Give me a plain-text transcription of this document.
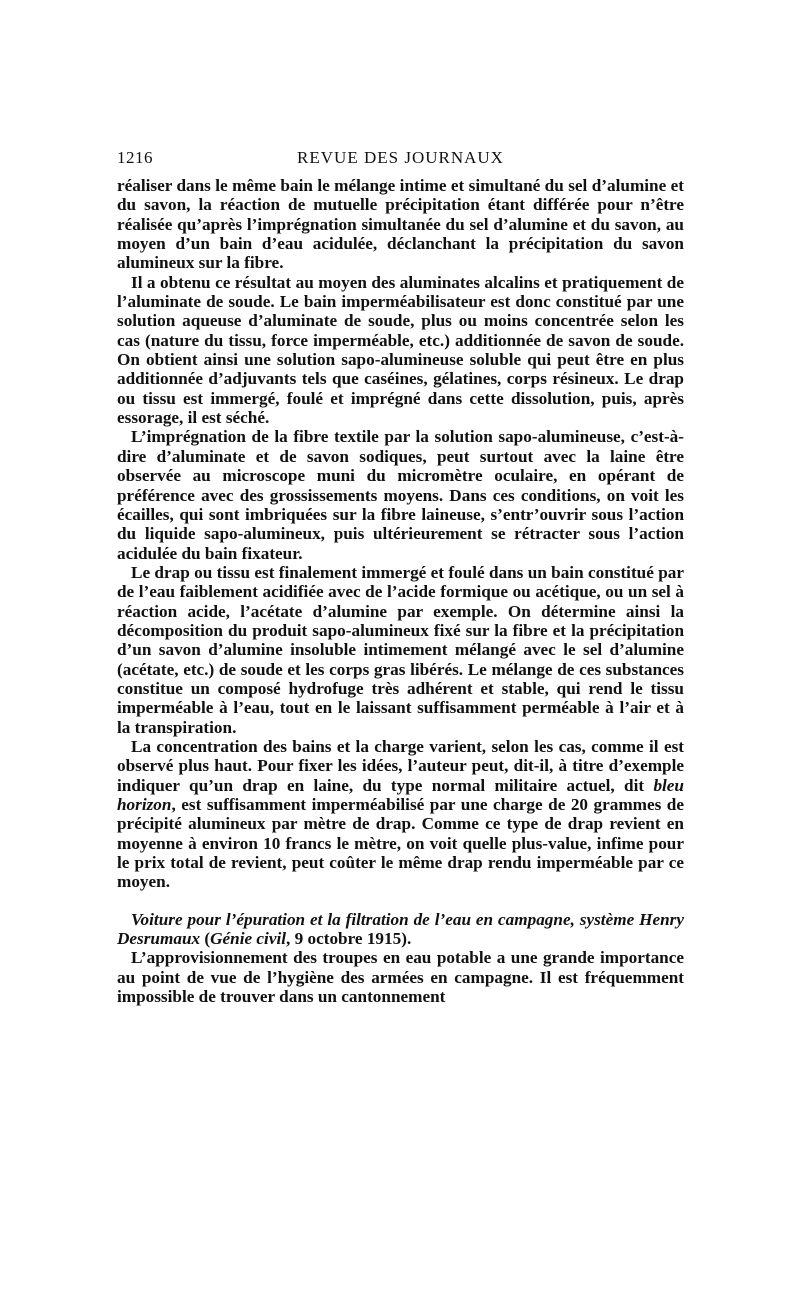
1216	REVUE DES JOURNAUX

réaliser dans le même bain le mélange intime et simultané du sel d’alumine et du savon, la réaction de mutuelle précipitation étant différée pour n’être réalisée qu’après l’imprégnation simultanée du sel d’alumine et du savon, au moyen d’un bain d’eau acidulée, déclanchant la précipitation du savon alumineux sur la fibre.

Il a obtenu ce résultat au moyen des aluminates alcalins et pratiquement de l’aluminate de soude. Le bain imperméabilisateur est donc constitué par une solution aqueuse d’aluminate de soude, plus ou moins concentrée selon les cas (nature du tissu, force imperméable, etc.) additionnée de savon de soude. On obtient ainsi une solution sapo-alumineuse soluble qui peut être en plus additionnée d’adjuvants tels que caséines, gélatines, corps résineux. Le drap ou tissu est immergé, foulé et imprégné dans cette dissolution, puis, après essorage, il est séché.

L’imprégnation de la fibre textile par la solution sapo-alumineuse, c’est-à-dire d’aluminate et de savon sodiques, peut surtout avec la laine être observée au microscope muni du micromètre oculaire, en opérant de préférence avec des grossissements moyens. Dans ces conditions, on voit les écailles, qui sont imbriquées sur la fibre laineuse, s’entr’ouvrir sous l’action du liquide sapo-alumineux, puis ultérieurement se rétracter sous l’action acidulée du bain fixateur.

Le drap ou tissu est finalement immergé et foulé dans un bain constitué par de l’eau faiblement acidifiée avec de l’acide formique ou acétique, ou un sel à réaction acide, l’acétate d’alumine par exemple. On détermine ainsi la décomposition du produit sapo-alumineux fixé sur la fibre et la précipitation d’un savon d’alumine insoluble intimement mélangé avec le sel d’alumine (acétate, etc.) de soude et les corps gras libérés. Le mélange de ces substances constitue un composé hydrofuge très adhérent et stable, qui rend le tissu imperméable à l’eau, tout en le laissant suffisamment perméable à l’air et à la transpiration.

La concentration des bains et la charge varient, selon les cas, comme il est observé plus haut. Pour fixer les idées, l’auteur peut, dit-il, à titre d’exemple indiquer qu’un drap en laine, du type normal militaire actuel, dit bleu horizon, est suffisamment imperméabilisé par une charge de 20 grammes de précipité alumineux par mètre de drap. Comme ce type de drap revient en moyenne à environ 10 francs le mètre, on voit quelle plus-value, infime pour le prix total de revient, peut coûter le même drap rendu imperméable par ce moyen.

Voiture pour l’épuration et la filtration de l’eau en campagne, système Henry Desrumaux (Génie civil, 9 octobre 1915).

L’approvisionnement des troupes en eau potable a une grande importance au point de vue de l’hygiène des armées en campagne. Il est fréquemment impossible de trouver dans un cantonnement
